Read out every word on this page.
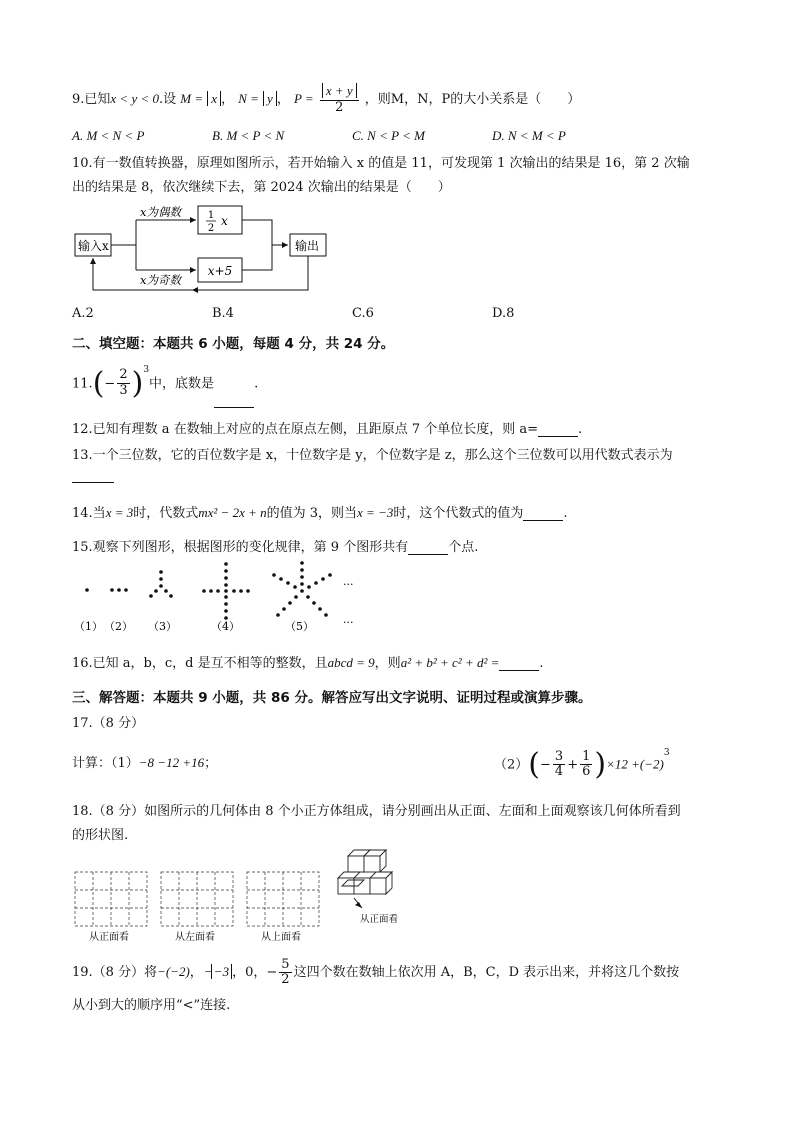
9.已知x < y < 0.设 M = x ， N = y ， $P = \frac{x + y}{2}$ ，则M，N，P的大小关系是（　　）
A. M < N < P	B. M < P < N	C. N < P < M	D. N < M < P
10.有一数值转换器，原理如图所示，若开始输入 x 的值是 11，可发现第 1 次输出的结果是 16，第 2 次输
出的结果是 8，依次继续下去，第 2024 次输出的结果是（　　）
输入x
x为偶数
x为奇数
1
2
x
x+5
输出
A.2	B.4	C.6	D.8
二、填空题：本题共 6 小题，每题 4 分，共 24 分。
$11.(- \frac{2}{3} )^3$中，底数是	.
12.已知有理数 a 在数轴上对应的点在原点左侧，且距原点 7 个单位长度，则 a=	.
13.一个三位数，它的百位数字是 x，十位数字是 y，个位数字是 z，那么这个三位数可以用代数式表示为
14.当x = 3时，代数式mx² − 2x + n的值为 3，则当x = −3时，这个代数式的值为	.
15.观察下列图形，根据图形的变化规律，第 9 个图形共有	个点.
···
···
（1） （2） （3）	（4）	（5）
16.已知 a，b，c，d 是互不相等的整数，且abcd = 9，则a² + b² + c² + d² =	.
三、解答题：本题共 9 小题，共 86 分。解答应写出文字说明、证明过程或演算步骤。
17.（8 分）
计算：（1）−8 −12 +16；	$(2)(- \frac{3}{4} + \frac{1}{6} )\times 12 +(-2)^3$
18.（8 分）如图所示的几何体由 8 个小正方体组成，请分别画出从正面、左面和上面观察该几何体所看到
的形状图.
从正面看	从左面看	从上面看
从正面看
19.（8 分）将−(−2)， − −3 ，0，− $\frac{5}{2}$ 这四个数在数轴上依次用 A，B，C，D 表示出来，并将这几个数按
从小到大的顺序用“<”连接.
